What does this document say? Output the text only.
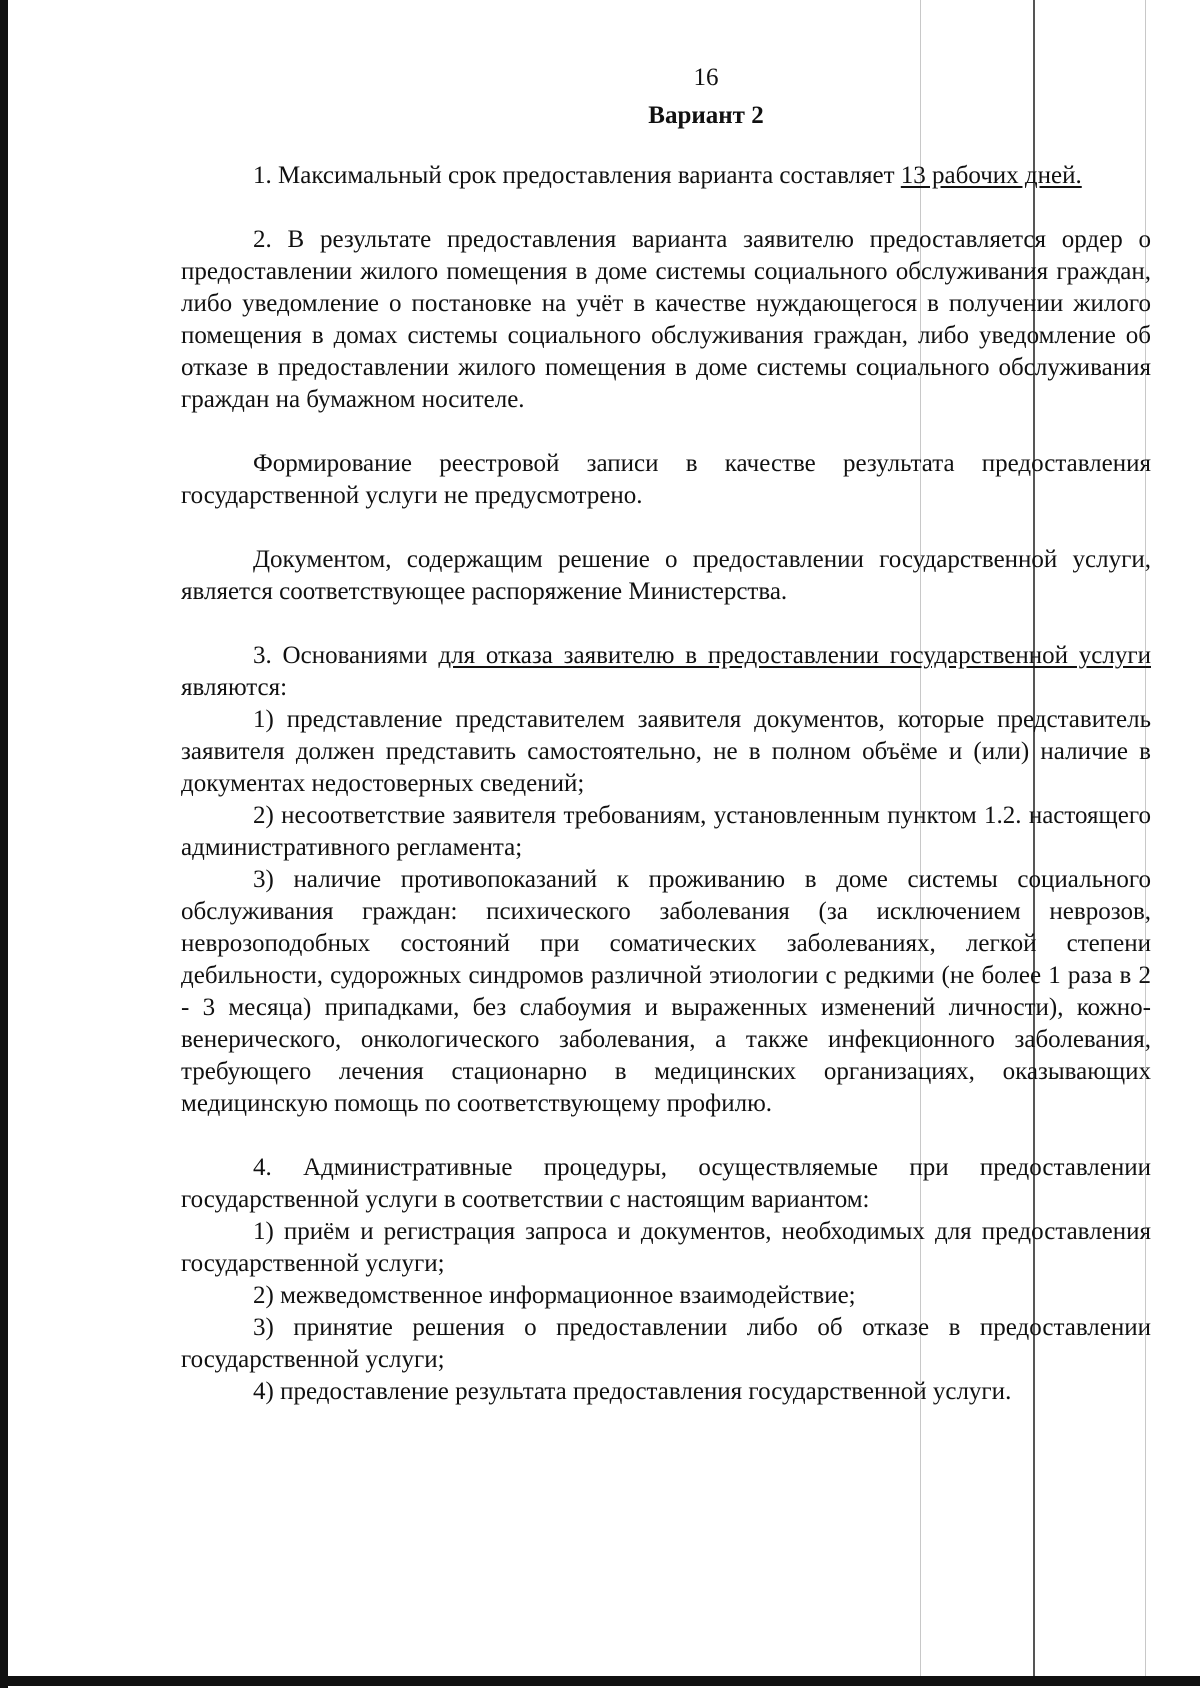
16
Вариант 2

1. Максимальный срок предоставления варианта составляет 13 рабочих дней.

2. В результате предоставления варианта заявителю предоставляется ордер о предоставлении жилого помещения в доме системы социального обслуживания граждан, либо уведомление о постановке на учёт в качестве нуждающегося в получении жилого помещения в домах системы социального обслуживания граждан, либо уведомление об отказе в предоставлении жилого помещения в доме системы социального обслуживания граждан на бумажном носителе.

Формирование реестровой записи в качестве результата предоставления государственной услуги не предусмотрено.

Документом, содержащим решение о предоставлении государственной услуги, является соответствующее распоряжение Министерства.

3. Основаниями для отказа заявителю в предоставлении государственной услуги являются:

1) представление представителем заявителя документов, которые представитель заявителя должен представить самостоятельно, не в полном объёме и (или) наличие в документах недостоверных сведений;

2) несоответствие заявителя требованиям, установленным пунктом 1.2. настоящего административного регламента;

3) наличие противопоказаний к проживанию в доме системы социального обслуживания граждан: психического заболевания (за исключением неврозов, неврозоподобных состояний при соматических заболеваниях, легкой степени дебильности, судорожных синдромов различной этиологии с редкими (не более 1 раза в 2 - 3 месяца) припадками, без слабоумия и выраженных изменений личности), кожно-венерического, онкологического заболевания, а также инфекционного заболевания, требующего лечения стационарно в медицинских организациях, оказывающих медицинскую помощь по соответствующему профилю.

4. Административные процедуры, осуществляемые при предоставлении государственной услуги в соответствии с настоящим вариантом:

1) приём и регистрация запроса и документов, необходимых для предоставления государственной услуги;

2) межведомственное информационное взаимодействие;

3) принятие решения о предоставлении либо об отказе в предоставлении государственной услуги;

4) предоставление результата предоставления государственной услуги.
